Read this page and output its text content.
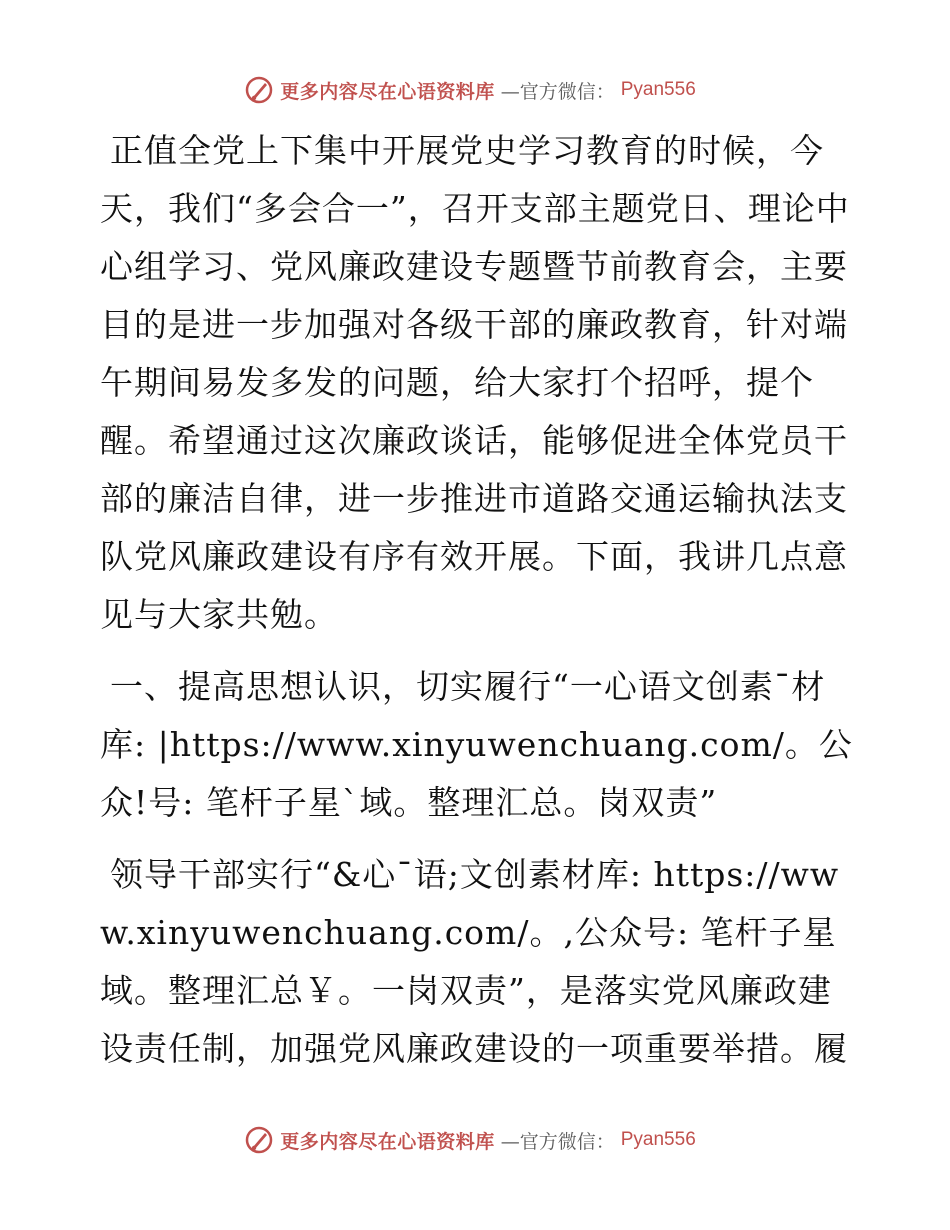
更多内容尽在心语资料库 —官方微信： Pyan556

正值全党上下集中开展党史学习教育的时候，今天，我们“多会合一”，召开支部主题党日、理论中心组学习、党风廉政建设专题暨节前教育会，主要目的是进一步加强对各级干部的廉政教育，针对端午期间易发多发的问题，给大家打个招呼，提个醒。希望通过这次廉政谈话，能够促进全体党员干部的廉洁自律，进一步推进市道路交通运输执法支队党风廉政建设有序有效开展。下面，我讲几点意见与大家共勉。

一、提高思想认识，切实履行“一心语文创素¯材库: |https://www.xinyuwenchuang.com/。公众!号: 笔杆子星`域。整理汇总。岗双责”

领导干部实行“&心¯语;文创素材库: https://www.xinyuwenchuang.com/。,公众号: 笔杆子星域。整理汇总￥。一岗双责”，是落实党风廉政建设责任制，加强党风廉政建设的一项重要举措。履

更多内容尽在心语资料库 —官方微信： Pyan556
